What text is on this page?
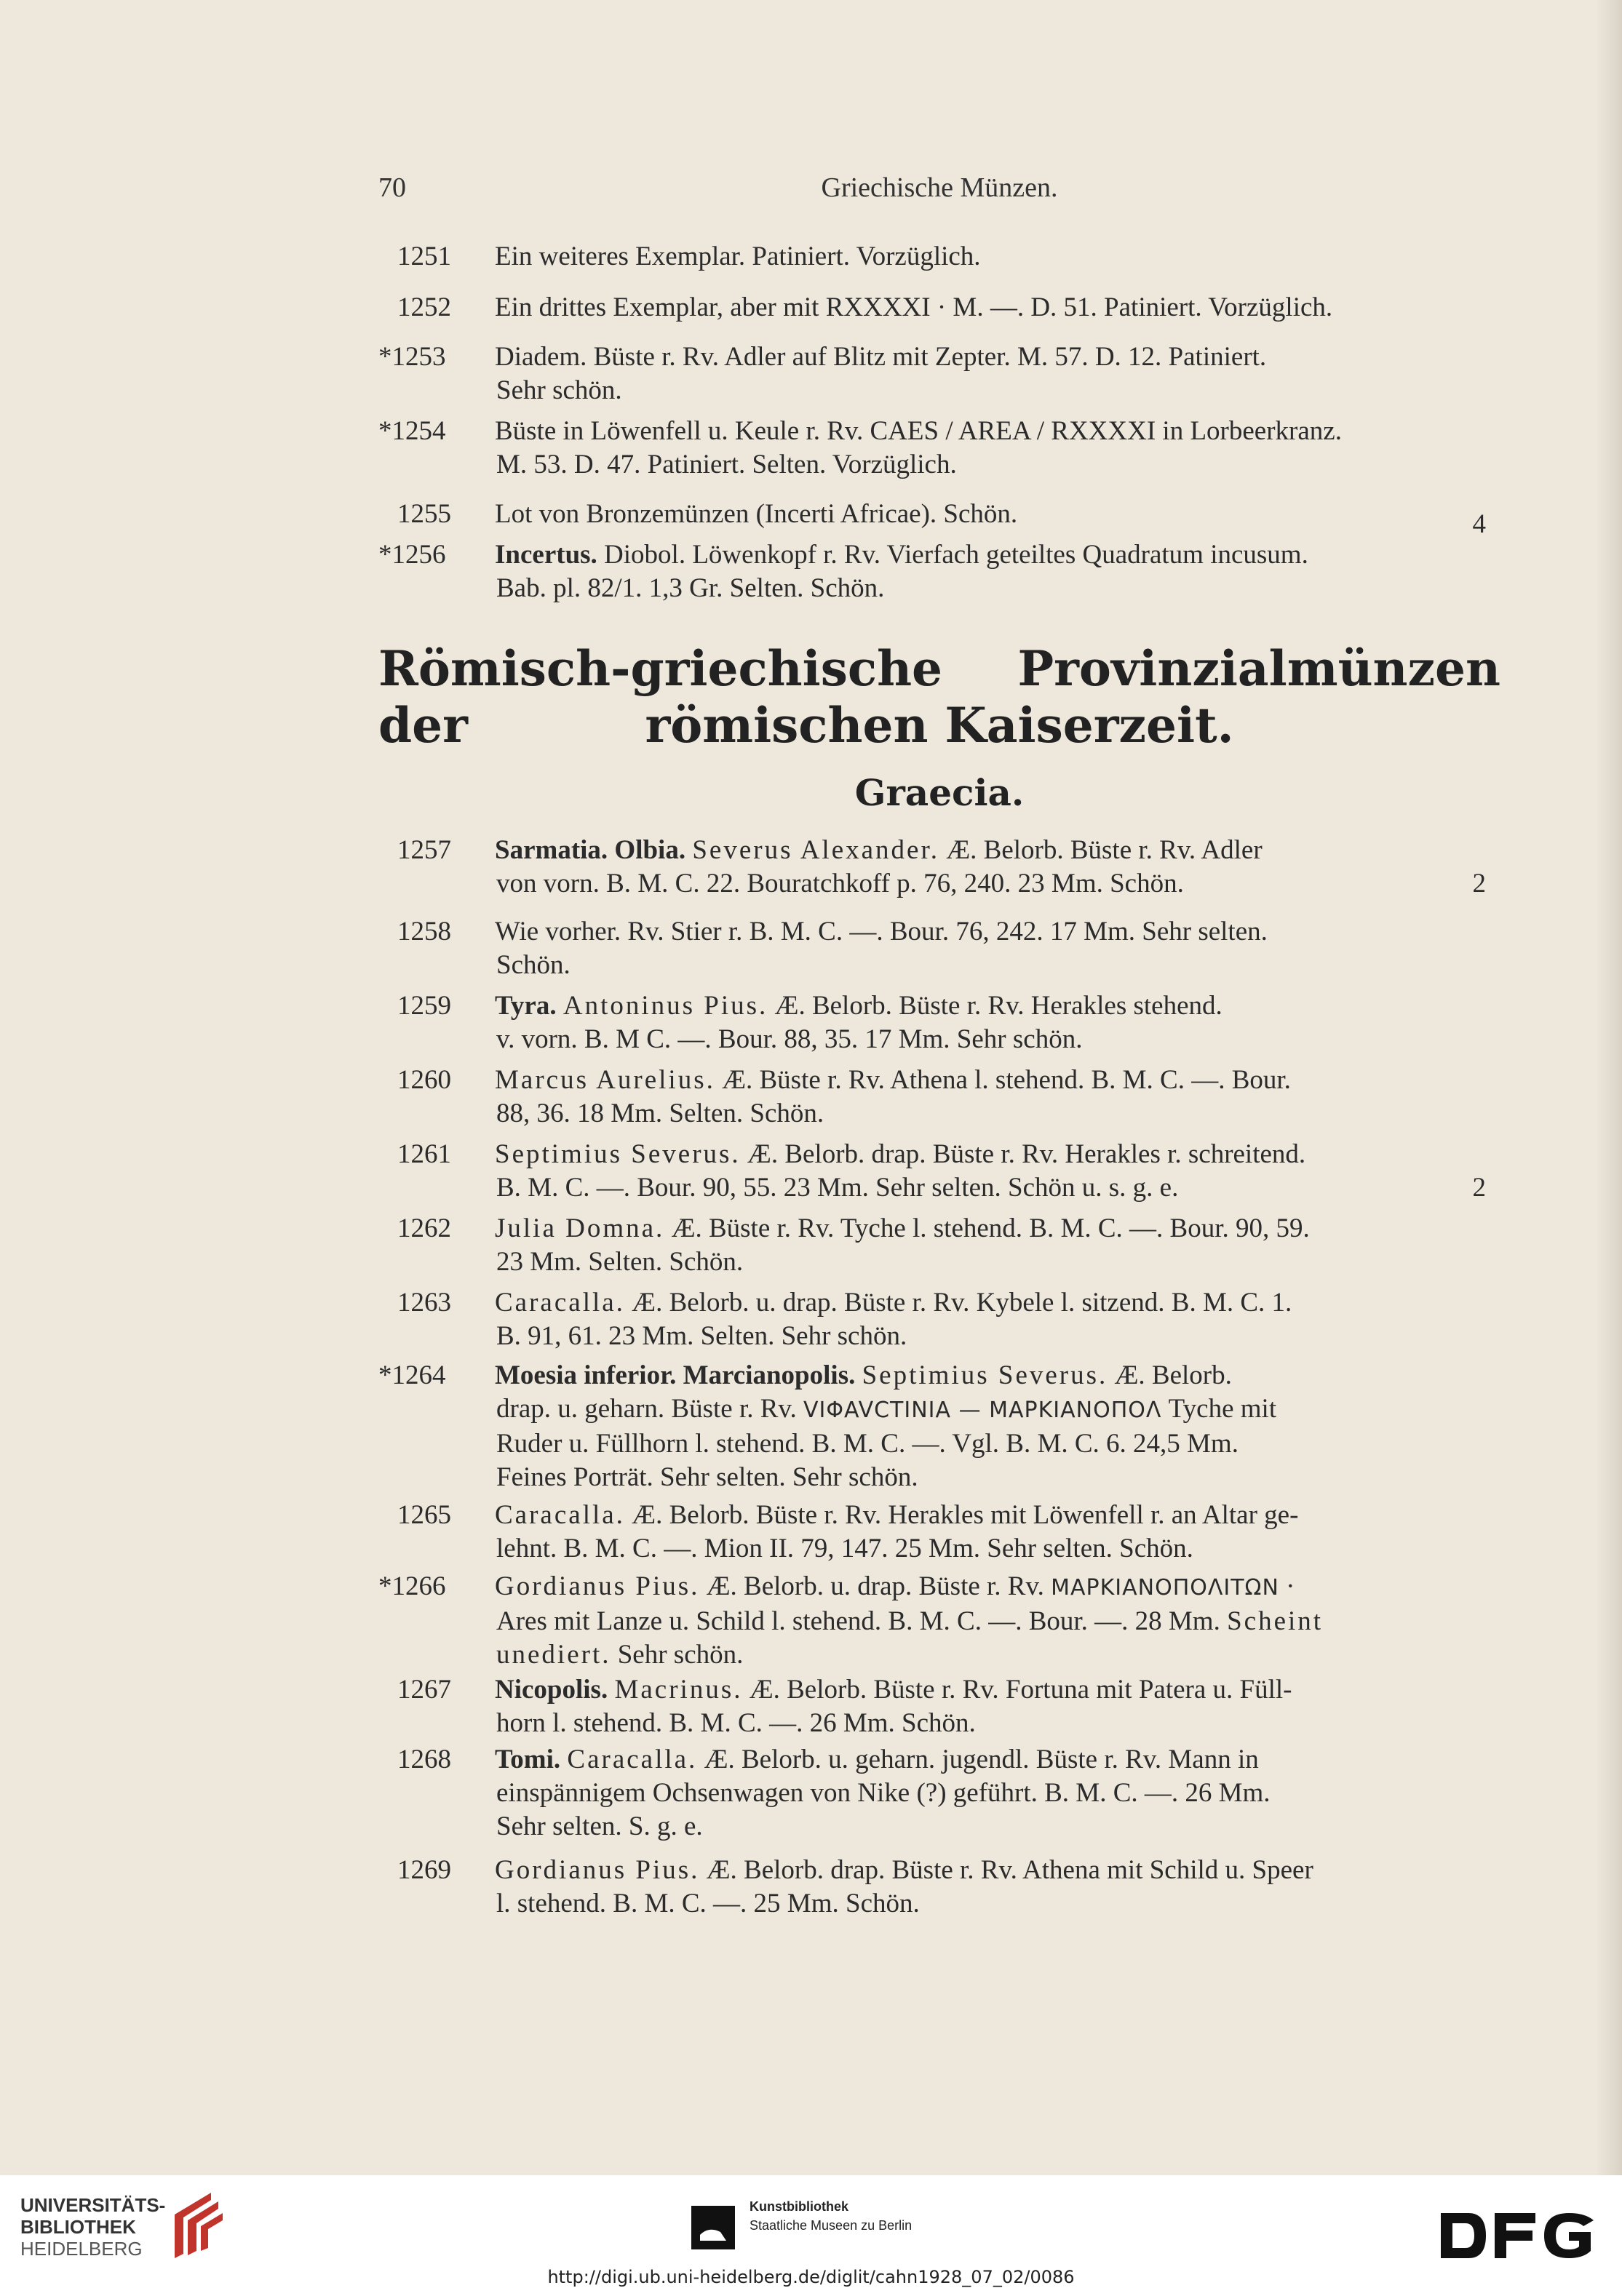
70	Griechische Münzen.
1251	Ein weiteres Exemplar. Patiniert. Vorzüglich.
1252	Ein drittes Exemplar, aber mit RXXXXI · M. —. D. 51. Patiniert. Vorzüglich.
*1253	Diadem. Büste r. Rv. Adler auf Blitz mit Zepter. M. 57. D. 12. Patiniert.
Sehr schön.
*1254	Büste in Löwenfell u. Keule r. Rv. CAES / AREA / RXXXXI in Lorbeerkranz.
M. 53. D. 47. Patiniert. Selten. Vorzüglich.
1255	Lot von Bronzemünzen (Incerti Africae). Schön.	4
*1256	Incertus. Diobol. Löwenkopf r. Rv. Vierfach geteiltes Quadratum incusum.
Bab. pl. 82/1. 1,3 Gr. Selten. Schön.
Römisch-griechische Provinzialmünzen der	römischen Kaiserzeit.
Graecia.
1257	Sarmatia. Olbia. Severus Alexander. Æ. Belorb. Büste r. Rv. Adler
von vorn. B. M. C. 22. Bouratchkoff p. 76, 240. 23 Mm. Schön.	2
1258	Wie vorher. Rv. Stier r. B. M. C. —. Bour. 76, 242. 17 Mm. Sehr selten.
Schön.
1259	Tyra. Antoninus Pius. Æ. Belorb. Büste r. Rv. Herakles stehend.
v. vorn. B. M C. —. Bour. 88, 35. 17 Mm. Sehr schön.
1260	Marcus Aurelius. Æ. Büste r. Rv. Athena l. stehend. B. M. C. —. Bour.
88, 36. 18 Mm. Selten. Schön.
1261	Septimius Severus. Æ. Belorb. drap. Büste r. Rv. Herakles r. schreitend.
B. M. C. —. Bour. 90, 55. 23 Mm. Sehr selten. Schön u. s. g. e.	2
1262	Julia Domna. Æ. Büste r. Rv. Tyche l. stehend. B. M. C. —. Bour. 90, 59.
23 Mm. Selten. Schön.
1263	Caracalla. Æ. Belorb. u. drap. Büste r. Rv. Kybele l. sitzend. B. M. C. 1.
B. 91, 61. 23 Mm. Selten. Sehr schön.
*1264	Moesia inferior. Marcianopolis. Septimius Severus. Æ. Belorb.
drap. u. geharn. Büste r. Rv. VIΦAVCTINIA — MAPKIANOΠOΛ Tyche mit
Ruder u. Füllhorn l. stehend. B. M. C. —. Vgl. B. M. C. 6. 24,5 Mm.
Feines Porträt. Sehr selten. Sehr schön.
1265	Caracalla. Æ. Belorb. Büste r. Rv. Herakles mit Löwenfell r. an Altar ge-
lehnt. B. M. C. —. Mion II. 79, 147. 25 Mm. Sehr selten. Schön.
*1266	Gordianus Pius. Æ. Belorb. u. drap. Büste r. Rv. MAPKIANOΠOΛITΩN ·
Ares mit Lanze u. Schild l. stehend. B. M. C. —. Bour. —. 28 Mm. Scheint
unediert. Sehr schön.
1267	Nicopolis. Macrinus. Æ. Belorb. Büste r. Rv. Fortuna mit Patera u. Füll-
horn l. stehend. B. M. C. —. 26 Mm. Schön.
1268	Tomi. Caracalla. Æ. Belorb. u. geharn. jugendl. Büste r. Rv. Mann in
einspännigem Ochsenwagen von Nike (?) geführt. B. M. C. —. 26 Mm.
Sehr selten. S. g. e.
1269	Gordianus Pius. Æ. Belorb. drap. Büste r. Rv. Athena mit Schild u. Speer
l. stehend. B. M. C. —. 25 Mm. Schön.
UNIVERSITÄTS-
BIBLIOTHEK
HEIDELBERG
Kunstbibliothek
Staatliche Museen zu Berlin
http://digi.ub.uni-heidelberg.de/diglit/cahn1928_07_02/0086
